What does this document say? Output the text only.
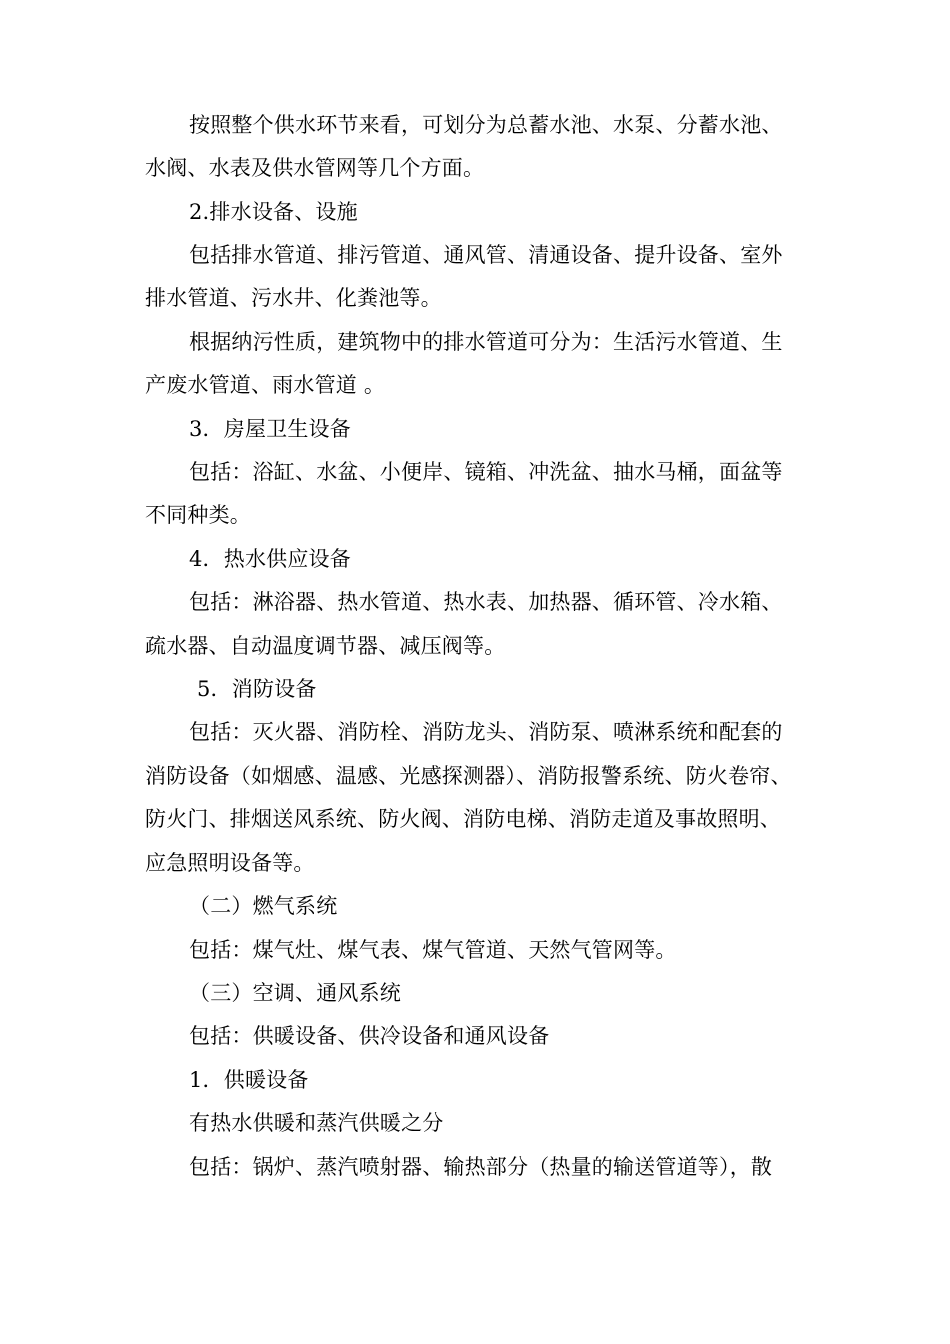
按照整个供水环节来看，可划分为总蓄水池、水泵、分蓄水池、
水阀、水表及供水管网等几个方面。
2.排水设备、设施
包括排水管道、排污管道、通风管、清通设备、提升设备、室外
排水管道、污水井、化粪池等。
根据纳污性质，建筑物中的排水管道可分为：生活污水管道、生
产废水管道、雨水管道 。
3．房屋卫生设备
包括：浴缸、水盆、小便岸、镜箱、冲洗盆、抽水马桶，面盆等
不同种类。
4．热水供应设备
包括：淋浴器、热水管道、热水表、加热器、循环管、冷水箱、
疏水器、自动温度调节器、减压阀等。
5．消防设备
包括：灭火器、消防栓、消防龙头、消防泵、喷淋系统和配套的
消防设备（如烟感、温感、光感探测器）、消防报警系统、防火卷帘、
防火门、排烟送风系统、防火阀、消防电梯、消防走道及事故照明、
应急照明设备等。
（二）燃气系统
包括：煤气灶、煤气表、煤气管道、天然气管网等。
（三）空调、通风系统
包括：供暖设备、供冷设备和通风设备
1．供暖设备
有热水供暖和蒸汽供暖之分
包括：锅炉、蒸汽喷射器、输热部分（热量的输送管道等），散
